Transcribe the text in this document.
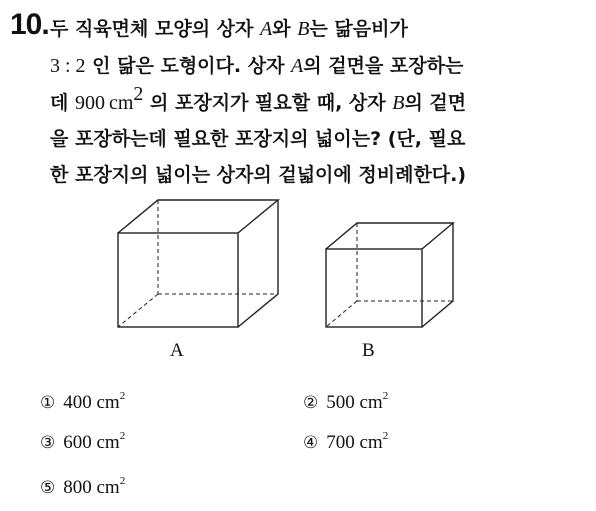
10. 두 직육면체 모양의 상자 A와 B는 닮음비가
3 : 2 인 닮은 도형이다. 상자 A의 겉면을 포장하는
데 900 $cm^2$ 의 포장지가 필요할 때, 상자 B의 겉면
을 포장하는데 필요한 포장지의 넓이는? (단, 필요
한 포장지의 넓이는 상자의 겉넓이에 정비례한다.)
A	B
① 400 $cm^2$	② 500 $cm^2$
③ 600 $cm^2$	④ 700 $cm^2$
⑤ 800 $cm^2$
